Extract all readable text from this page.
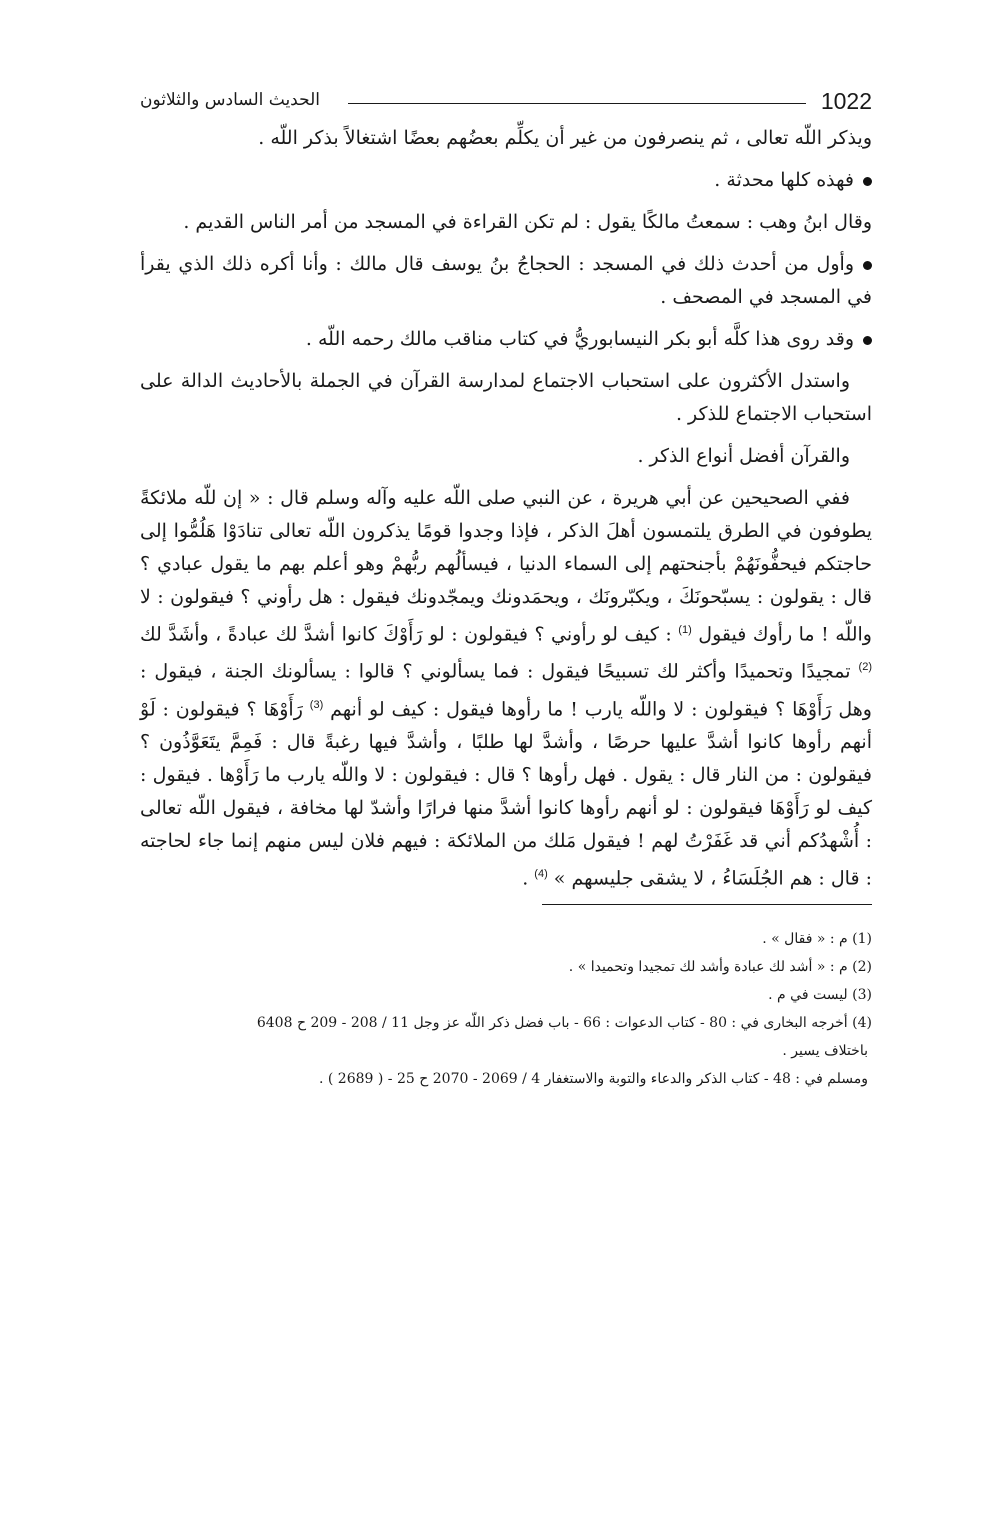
1022
الحديث السادس والثلاثون

ويذكر اللّه تعالى ، ثم ينصرفون من غير أن يكلِّم بعضُهم بعضًا اشتغالاً بذكر اللّه .

فهذه كلها محدثة .

وقال ابنُ وهب : سمعتُ مالكًا يقول : لم تكن القراءة في المسجد من أمر الناس القديم .

وأول من أحدث ذلك في المسجد : الحجاجُ بنُ يوسف قال مالك : وأنا أكره ذلك الذي يقرأ في المسجد في المصحف .

وقد روى هذا كلَّه أبو بكر النيسابوريُّ في كتاب مناقب مالك رحمه اللّه .

واستدل الأكثرون على استحباب الاجتماع لمدارسة القرآن في الجملة بالأحاديث الدالة على استحباب الاجتماع للذكر .

والقرآن أفضل أنواع الذكر .

ففي الصحيحين عن أبي هريرة ، عن النبي صلى اللّه عليه وآله وسلم قال : « إن للّه ملائكةً يطوفون في الطرق يلتمسون أهلَ الذكر ، فإذا وجدوا قومًا يذكرون اللّه تعالى تنادَوْا هَلُمُّوا إلى حاجتكم فيحفُّونَهُمْ بأجنحتهم إلى السماء الدنيا ، فيسألُهم ربُّهمْ وهو أعلم بهم ما يقول عبادي ؟ قال : يقولون : يسبّحونَكَ ، ويكبّرونَك ، ويحمَدونك ويمجّدونك فيقول : هل رأوني ؟ فيقولون : لا واللّه ! ما رأوك فيقول $^{(1)}$ : كيف لو رأوني ؟ فيقولون : لو رَأَوْكَ كانوا أشدَّ لك عبادةً ، وأشَدَّ لك $^{(2)}$ تمجيدًا وتحميدًا وأكثر لك تسبيحًا فيقول : فما يسألوني ؟ قالوا : يسألونك الجنة ، فيقول : وهل رَأَوْهَا ؟ فيقولون : لا واللّه يارب ! ما رأوها فيقول : كيف لو أنهم $^{(3)}$ رَأَوْهَا ؟ فيقولون : لَوْ أنهم رأوها كانوا أشدَّ عليها حرصًا ، وأشدَّ لها طلبًا ، وأشدَّ فيها رغبةً قال : فَمِمَّ يتَعَوَّذُون ؟ فيقولون : من النار قال : يقول . فهل رأوها ؟ قال : فيقولون : لا واللّه يارب ما رَأَوْها . فيقول : كيف لو رَأَوْهَا فيقولون : لو أنهم رأوها كانوا أشدَّ منها فرارًا وأشدّ لها مخافة ، فيقول اللّه تعالى : أُشْهدُكم أني قد غَفَرْتُ لهم ! فيقول مَلك من الملائكة : فيهم فلان ليس منهم إنما جاء لحاجته : قال : هم الجُلَسَاءُ ، لا يشقى جليسهم » $^{(4)}$ .

(1) م : « فقال » .

(2) م : « أشد لك عبادة وأشد لك تمجيدا وتحميدا » .

(3) ليست في م .

(4) أخرجه البخارى في : 80 - كتاب الدعوات : 66 - باب فضل ذكر اللّه عز وجل 11 / 208 - 209 ح 6408

باختلاف يسير .

ومسلم في : 48 - كتاب الذكر والدعاء والتوبة والاستغفار 4 / 2069 - 2070 ح 25 - ( 2689 ) .
